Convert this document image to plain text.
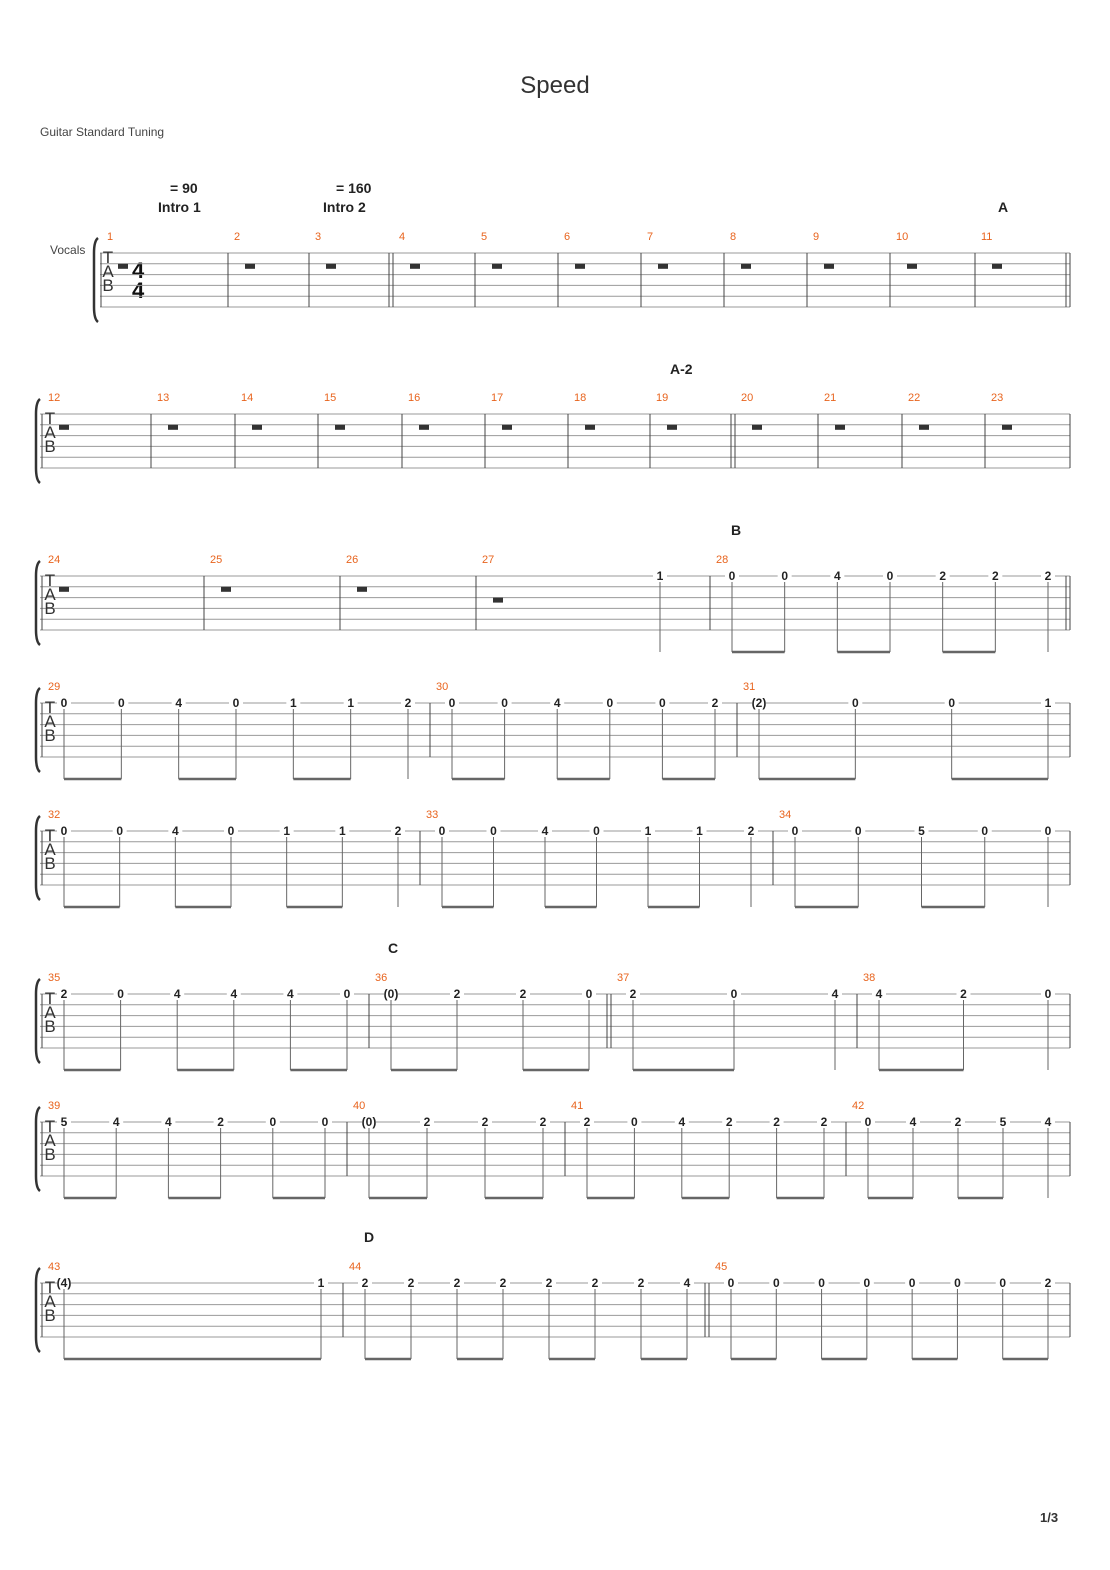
Speed
Guitar Standard Tuning
Vocals
1/3
= 90	= 160
Intro 1	Intro 2	A
A-2
B
C
D
4
4
T
A
B
1	2	3	4	5	6	7	8	9	10	11
T
A
B
12	13	14	15	16	17	18	19	20	21	22	23
T
A
B
24	25	26	27	28
1	0	0	4	0	2	2	2
T
A
B
29	30	31
0	0	4	0	1	1	2	0	0	4	0	0	2	(2)	0	0	1
T
A
B
32	33	34
0	0	4	0	1	1	2	0	0	4	0	1	1	2	0	0	5	0	0
T
A
B
35	36	37	38
2	0	4	4	4	0	(0)	2	2	0	2	0	4	4	2	0
T
A
B
39	40	41	42
5	4	4	2	0	0	(0)	2	2	2	2	0	4	2	2	2	0	4	2	5	4
T
A
B
43	44	45
(4)	1	2	2	2	2	2	2	2	4	0	0	0	0	0	0	0	2
